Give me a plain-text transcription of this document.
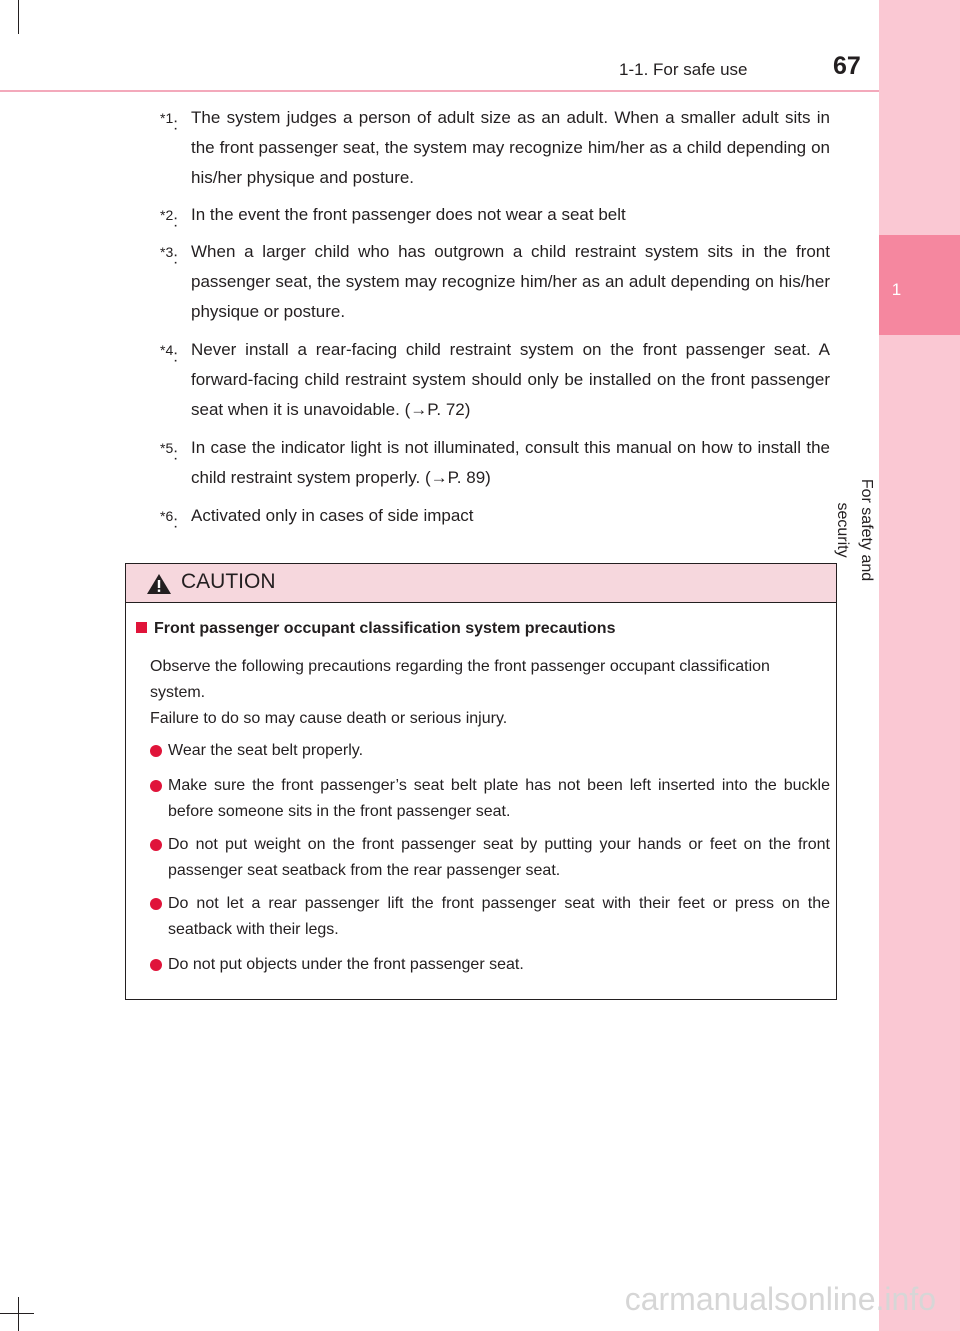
1-1. For safe use	67
1
For safety and security
$^{*1}$: The system judges a person of adult size as an adult. When a smaller adult sits in the front passenger seat, the system may recognize him/her as a child depending on his/her physique and posture.
$^{*2}$: In the event the front passenger does not wear a seat belt
$^{*3}$: When a larger child who has outgrown a child restraint system sits in the front passenger seat, the system may recognize him/her as an adult depending on his/her physique or posture.
$^{*4}$: Never install a rear-facing child restraint system on the front passenger seat. A forward-facing child restraint system should only be installed on the front passenger seat when it is unavoidable. (→P. 72)
$^{*5}$: In case the indicator light is not illuminated, consult this manual on how to install the child restraint system properly. (→P. 89)
$^{*6}$: Activated only in cases of side impact
CAUTION
Front passenger occupant classification system precautions
Observe the following precautions regarding the front passenger occupant classification system.
Failure to do so may cause death or serious injury.
Wear the seat belt properly.
Make sure the front passenger’s seat belt plate has not been left inserted into the buckle before someone sits in the front passenger seat.
Do not put weight on the front passenger seat by putting your hands or feet on the front passenger seat seatback from the rear passenger seat.
Do not let a rear passenger lift the front passenger seat with their feet or press on the seatback with their legs.
Do not put objects under the front passenger seat.
carmanualsonline.info
